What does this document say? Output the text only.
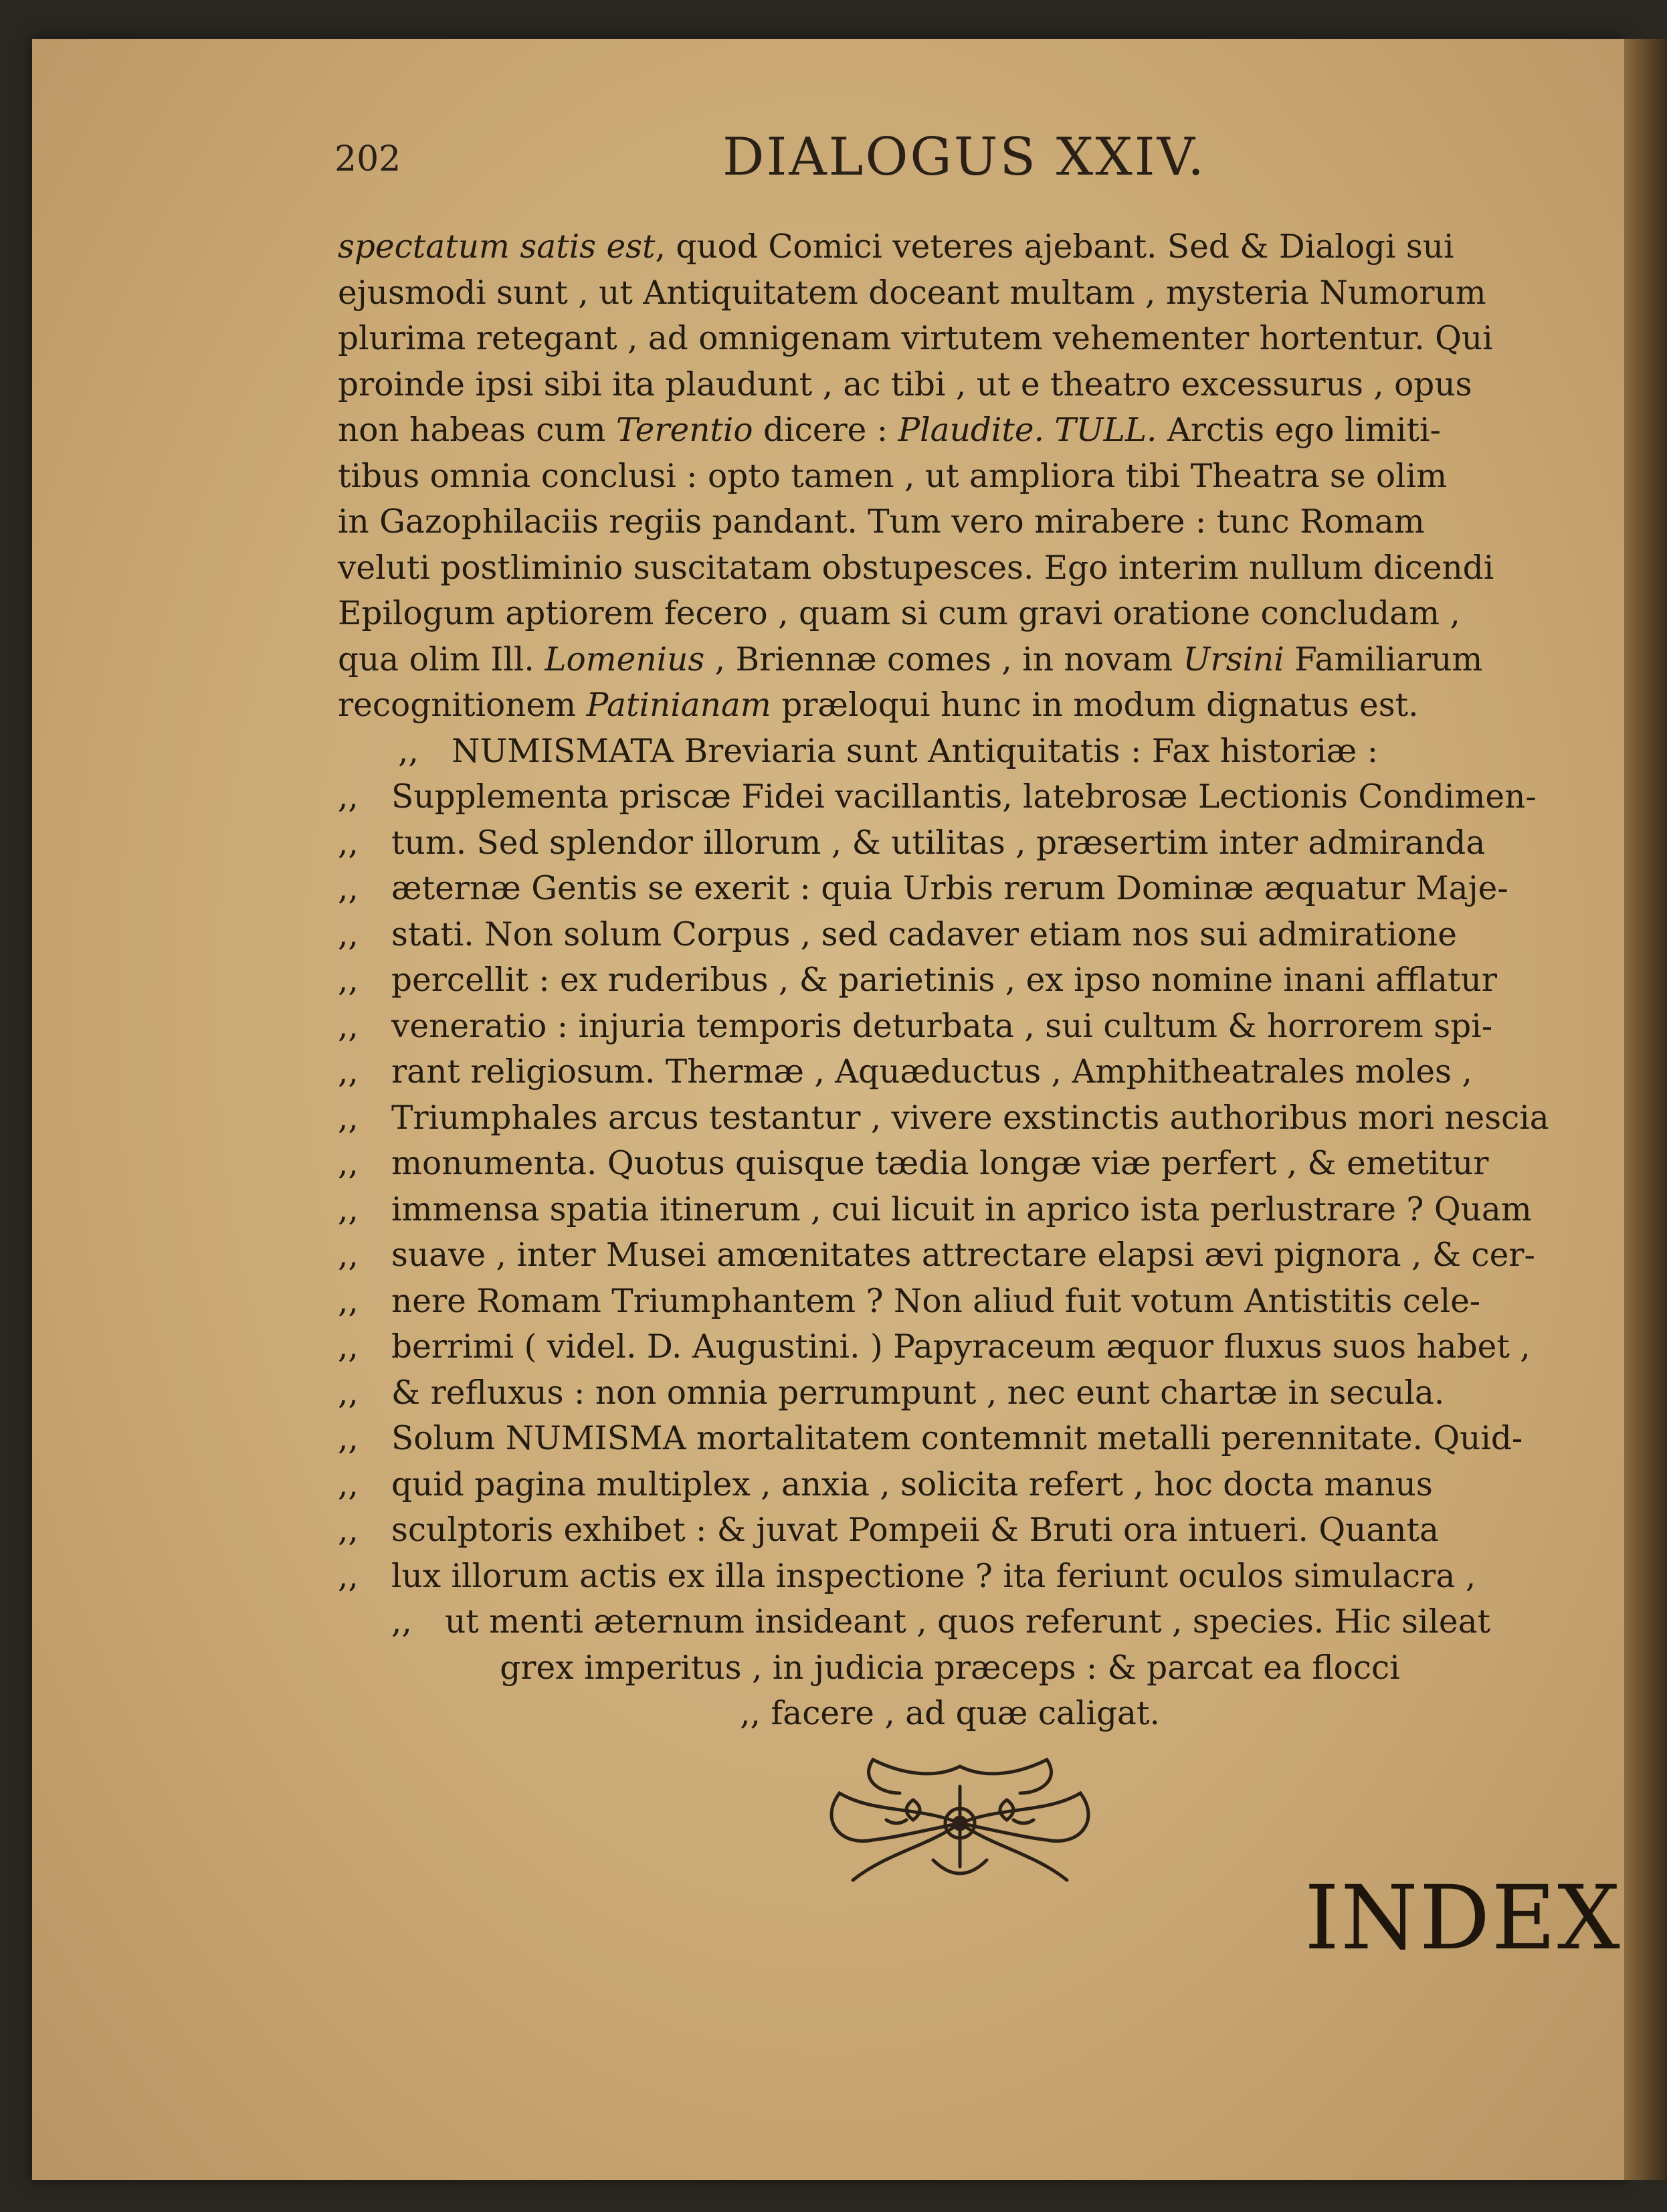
202	DIALOGUS XXIV.
spectatum satis est, quod Comici veteres ajebant. Sed & Dialogi sui
ejusmodi sunt , ut Antiquitatem doceant multam , mysteria Numorum
plurima retegant , ad omnigenam virtutem vehementer hortentur. Qui
proinde ipsi sibi ita plaudunt , ac tibi , ut e theatro excessurus , opus
non habeas cum Terentio dicere : Plaudite. TULL. Arctis ego limiti-
tibus omnia conclusi : opto tamen , ut ampliora tibi Theatra se olim
in Gazophilaciis regiis pandant. Tum vero mirabere : tunc Romam
veluti postliminio suscitatam obstupesces. Ego interim nullum dicendi
Epilogum aptiorem fecero , quam si cum gravi oratione concludam ,
qua olim Ill. Lomenius , Briennæ comes , in novam Ursini Familiarum
recognitionem Patinianam præloqui hunc in modum dignatus est.
,,	NUMISMATA Breviaria sunt Antiquitatis : Fax historiæ :
,,	Supplementa priscæ Fidei vacillantis, latebrosæ Lectionis Condimen-
,,	tum. Sed splendor illorum , & utilitas , præsertim inter admiranda
,,	æternæ Gentis se exerit : quia Urbis rerum Dominæ æquatur Maje-
,,	stati. Non solum Corpus , sed cadaver etiam nos sui admiratione
,,	percellit : ex ruderibus , & parietinis , ex ipso nomine inani afflatur
,,	veneratio : injuria temporis deturbata , sui cultum & horrorem spi-
,,	rant religiosum. Thermæ , Aquæductus , Amphitheatrales moles ,
,,	Triumphales arcus testantur , vivere exstinctis authoribus mori nescia
,,	monumenta. Quotus quisque tædia longæ viæ perfert , & emetitur
,,	immensa spatia itinerum , cui licuit in aprico ista perlustrare ? Quam
,,	suave , inter Musei amœnitates attrectare elapsi ævi pignora , & cer-
,,	nere Romam Triumphantem ? Non aliud fuit votum Antistitis cele-
,,	berrimi ( videl. D. Augustini. ) Papyraceum æquor fluxus suos habet ,
,,	& refluxus : non omnia perrumpunt , nec eunt chartæ in secula.
,,	Solum NUMISMA mortalitatem contemnit metalli perennitate. Quid-
,,	quid pagina multiplex , anxia , solicita refert , hoc docta manus
,,	sculptoris exhibet : & juvat Pompeii & Bruti ora intueri. Quanta
,,	lux illorum actis ex illa inspectione ? ita feriunt oculos simulacra ,
,,	ut menti æternum insideant , quos referunt , species. Hic sileat
grex imperitus , in judicia præceps : & parcat ea flocci
,, facere , ad quæ caligat.
INDEX
